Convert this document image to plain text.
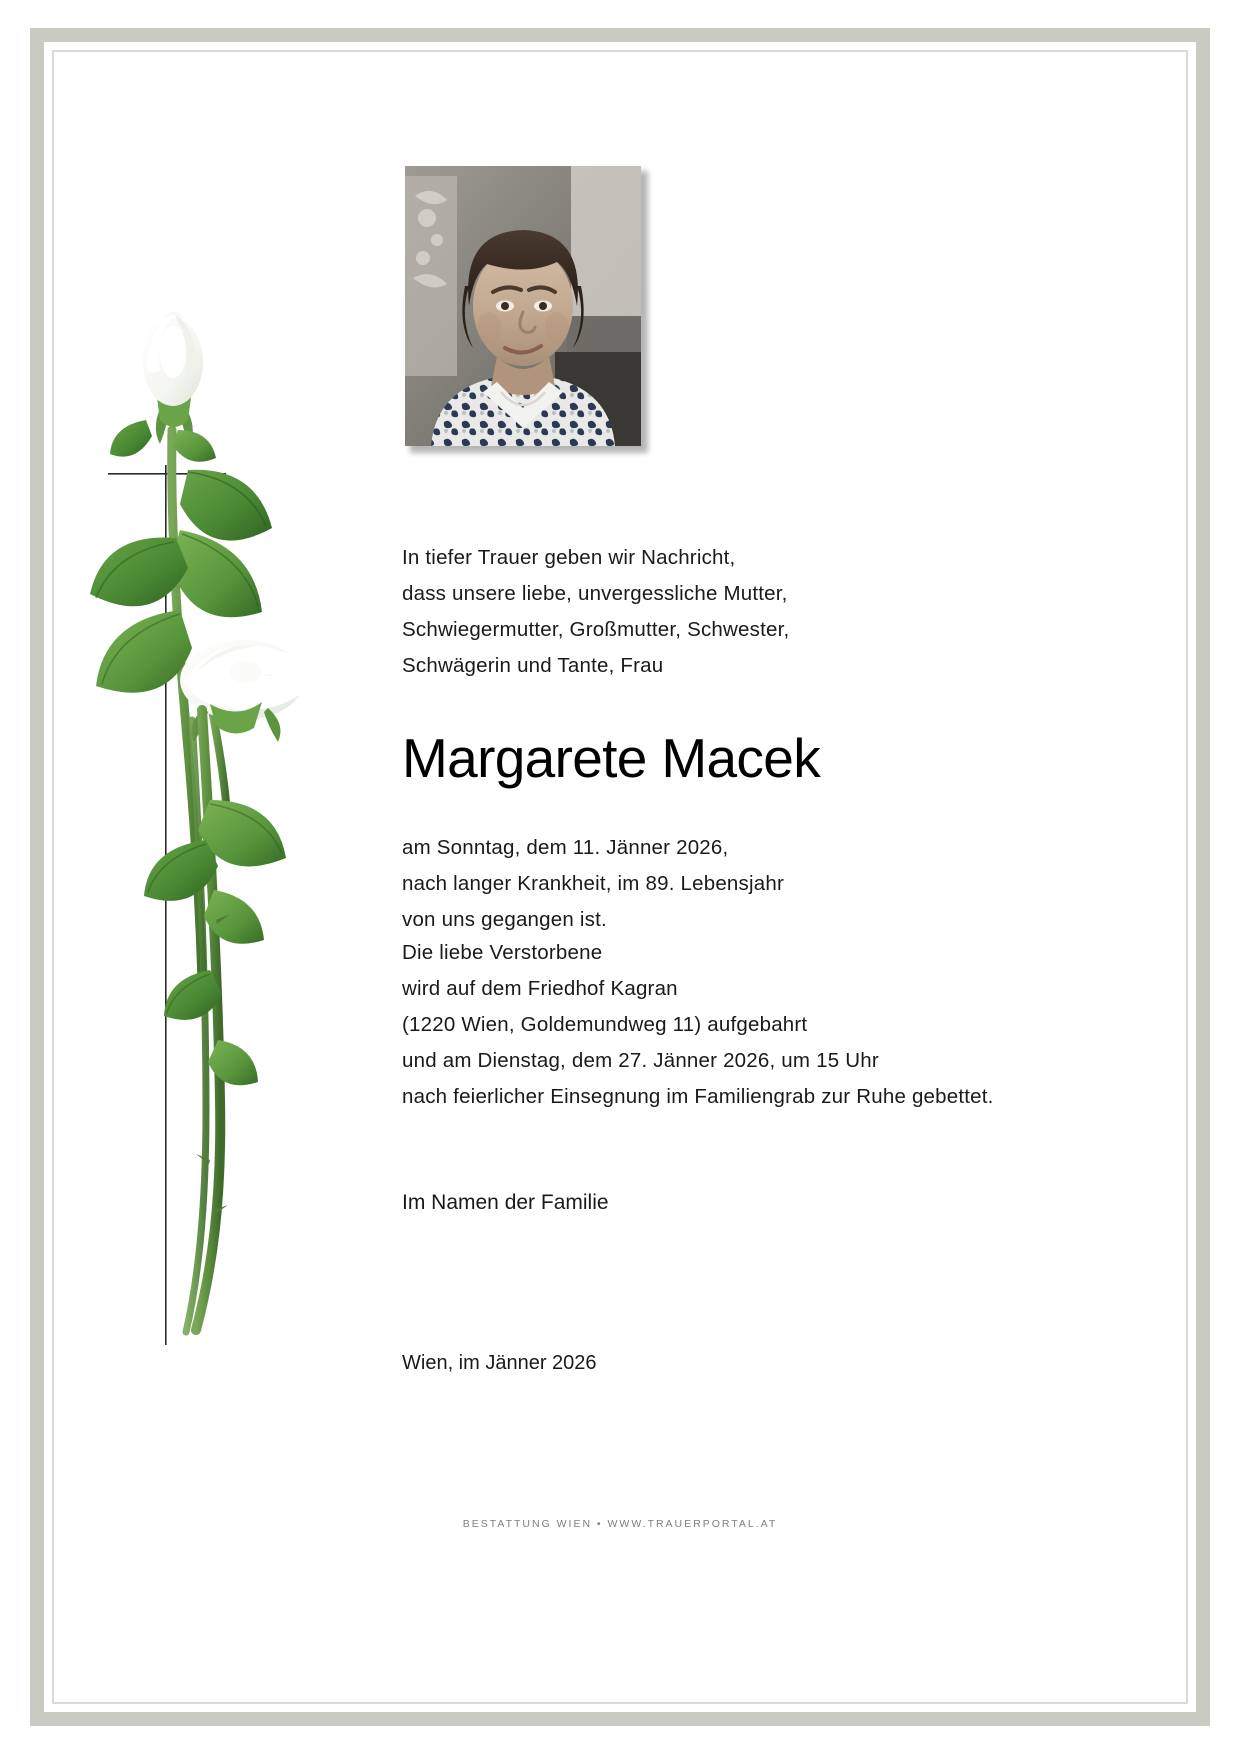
In tiefer Trauer geben wir Nachricht,
dass unsere liebe, unvergessliche Mutter,
Schwiegermutter, Großmutter, Schwester,
Schwägerin und Tante, Frau
Margarete Macek
am Sonntag, dem 11. Jänner 2026,
nach langer Krankheit, im 89. Lebensjahr
von uns gegangen ist.
Die liebe Verstorbene
wird auf dem Friedhof Kagran
(1220 Wien, Goldemundweg 11) aufgebahrt
und am Dienstag, dem 27. Jänner 2026, um 15 Uhr
nach feierlicher Einsegnung im Familiengrab zur Ruhe gebettet.
Im Namen der Familie
Wien, im Jänner 2026
BESTATTUNG WIEN • WWW.TRAUERPORTAL.AT
